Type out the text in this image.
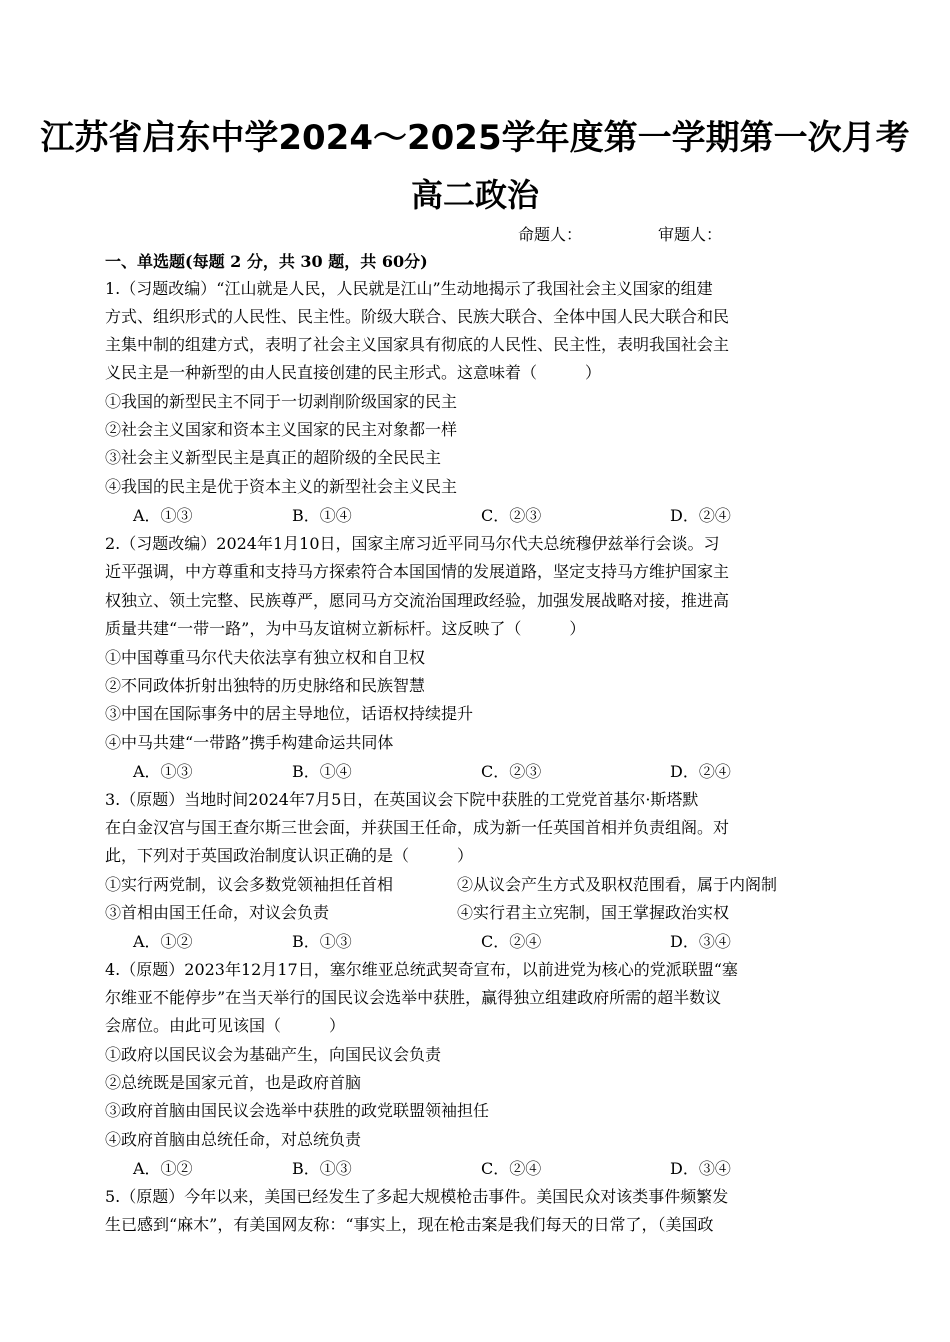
江苏省启东中学2024～2025学年度第一学期第一次月考
高二政治
命题人：	审题人：
一、单选题(每题 2 分，共 30 题，共 60分)
1.（习题改编）“江山就是人民，人民就是江山”生动地揭示了我国社会主义国家的组建
方式、组织形式的人民性、民主性。阶级大联合、民族大联合、全体中国人民大联合和民
主集中制的组建方式，表明了社会主义国家具有彻底的人民性、民主性，表明我国社会主
义民主是一种新型的由人民直接创建的民主形式。这意味着（　　　）
①我国的新型民主不同于一切剥削阶级国家的民主
②社会主义国家和资本主义国家的民主对象都一样
③社会主义新型民主是真正的超阶级的全民民主
④我国的民主是优于资本主义的新型社会主义民主
A．①③	B．①④	C．②③	D．②④
2.（习题改编）2024年1月10日，国家主席习近平同马尔代夫总统穆伊兹举行会谈。习
近平强调，中方尊重和支持马方探索符合本国国情的发展道路，坚定支持马方维护国家主
权独立、领土完整、民族尊严，愿同马方交流治国理政经验，加强发展战略对接，推进高
质量共建“一带一路”，为中马友谊树立新标杆。这反映了（　　　）
①中国尊重马尔代夫依法享有独立权和自卫权
②不同政体折射出独特的历史脉络和民族智慧
③中国在国际事务中的居主导地位，话语权持续提升
④中马共建“一带路”携手构建命运共同体
A．①③	B．①④	C．②③	D．②④
3.（原题）当地时间2024年7月5日，在英国议会下院中获胜的工党党首基尔·斯塔默
在白金汉宫与国王查尔斯三世会面，并获国王任命，成为新一任英国首相并负责组阁。对
此，下列对于英国政治制度认识正确的是（　　　）
①实行两党制，议会多数党领袖担任首相	②从议会产生方式及职权范围看，属于内阁制
③首相由国王任命，对议会负责	④实行君主立宪制，国王掌握政治实权
A．①②	B．①③	C．②④	D．③④
4.（原题）2023年12月17日，塞尔维亚总统武契奇宣布，以前进党为核心的党派联盟“塞
尔维亚不能停步”在当天举行的国民议会选举中获胜，赢得独立组建政府所需的超半数议
会席位。由此可见该国（　　　）
①政府以国民议会为基础产生，向国民议会负责
②总统既是国家元首，也是政府首脑
③政府首脑由国民议会选举中获胜的政党联盟领袖担任
④政府首脑由总统任命，对总统负责
A．①②	B．①③	C．②④	D．③④
5.（原题）今年以来，美国已经发生了多起大规模枪击事件。美国民众对该类事件频繁发
生已感到“麻木”，有美国网友称：“事实上，现在枪击案是我们每天的日常了，（美国政
